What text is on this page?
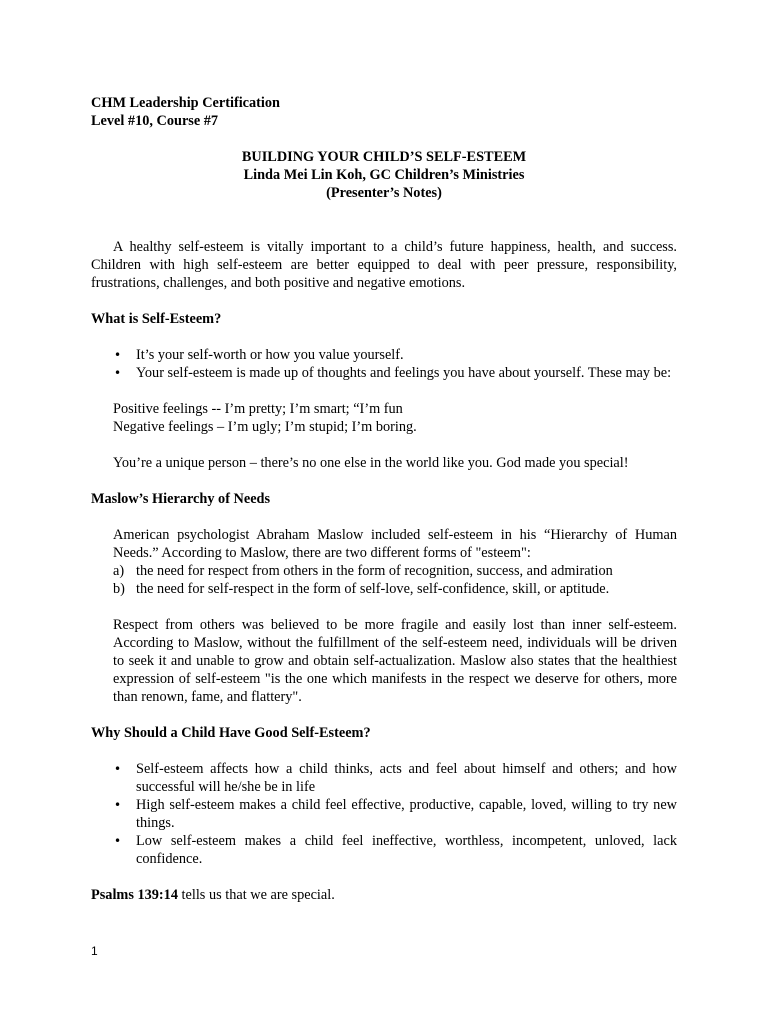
CHM Leadership Certification
Level #10, Course #7
BUILDING YOUR CHILD’S SELF-ESTEEM
Linda Mei Lin Koh, GC Children’s Ministries
(Presenter’s Notes)

A healthy self-esteem is vitally important to a child’s future happiness, health, and success. Children with high self-esteem are better equipped to deal with peer pressure, responsibility, frustrations, challenges, and both positive and negative emotions.

What is Self-Esteem?
• It’s your self-worth or how you value yourself.
• Your self-esteem is made up of thoughts and feelings you have about yourself. These may be:
Positive feelings -- I’m pretty; I’m smart; “I’m fun
Negative feelings – I’m ugly; I’m stupid; I’m boring.

You’re a unique person – there’s no one else in the world like you. God made you special!

Maslow’s Hierarchy of Needs

American psychologist Abraham Maslow included self-esteem in his “Hierarchy of Human Needs.” According to Maslow, there are two different forms of "esteem":

a) the need for respect from others in the form of recognition, success, and admiration
b) the need for self-respect in the form of self-love, self-confidence, skill, or aptitude.

Respect from others was believed to be more fragile and easily lost than inner self-esteem. According to Maslow, without the fulfillment of the self-esteem need, individuals will be driven to seek it and unable to grow and obtain self-actualization. Maslow also states that the healthiest expression of self-esteem "is the one which manifests in the respect we deserve for others, more than renown, fame, and flattery".

Why Should a Child Have Good Self-Esteem?
• Self-esteem affects how a child thinks, acts and feel about himself and others; and how successful will he/she be in life
• High self-esteem makes a child feel effective, productive, capable, loved, willing to try new things.
• Low self-esteem makes a child feel ineffective, worthless, incompetent, unloved, lack confidence.

Psalms 139:14 tells us that we are special.

1
